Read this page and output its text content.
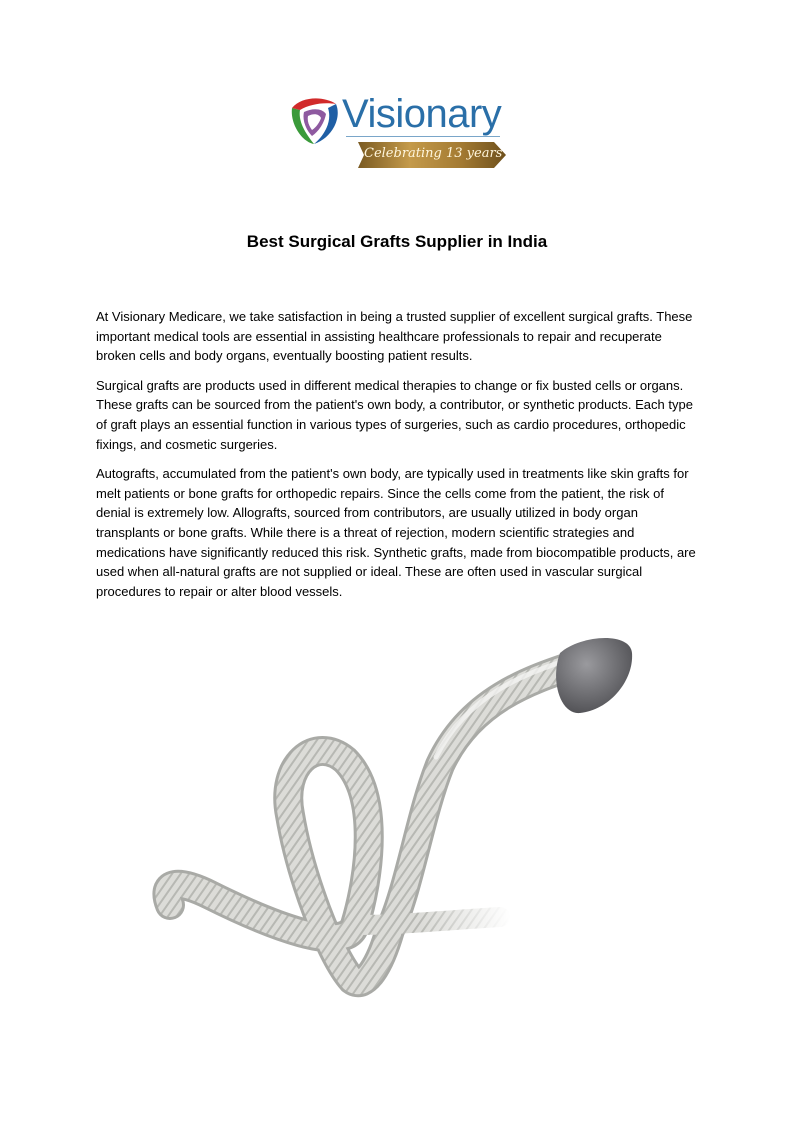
Visionary
Celebrating 13 years
Best Surgical Grafts Supplier in India

At Visionary Medicare, we take satisfaction in being a trusted supplier of excellent surgical grafts. These important medical tools are essential in assisting healthcare professionals to repair and recuperate broken cells and body organs, eventually boosting patient results.

Surgical grafts are products used in different medical therapies to change or fix busted cells or organs. These grafts can be sourced from the patient's own body, a contributor, or synthetic products. Each type of graft plays an essential function in various types of surgeries, such as cardio procedures, orthopedic fixings, and cosmetic surgeries.

Autografts, accumulated from the patient's own body, are typically used in treatments like skin grafts for melt patients or bone grafts for orthopedic repairs. Since the cells come from the patient, the risk of denial is extremely low. Allografts, sourced from contributors, are usually utilized in body organ transplants or bone grafts. While there is a threat of rejection, modern scientific strategies and medications have significantly reduced this risk. Synthetic grafts, made from biocompatible products, are used when all-natural grafts are not supplied or ideal. These are often used in vascular surgical procedures to repair or alter blood vessels.
